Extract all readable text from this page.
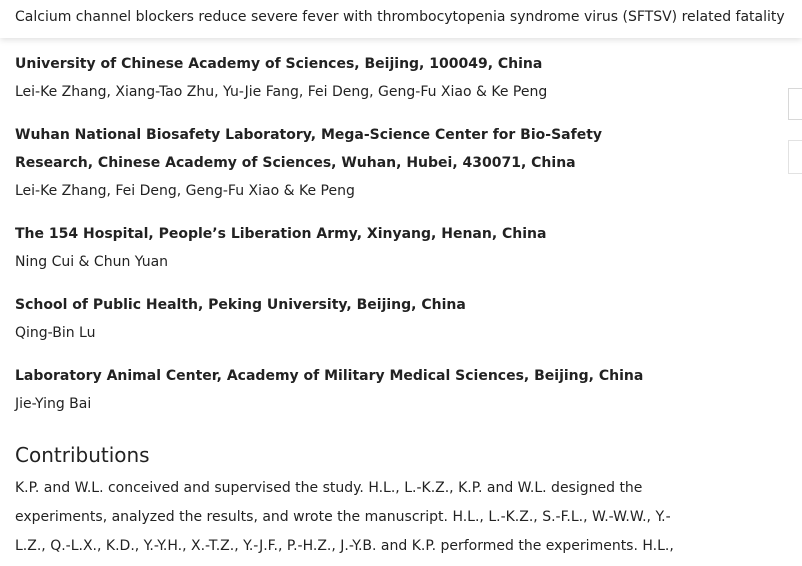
Calcium channel blockers reduce severe fever with thrombocytopenia syndrome virus (SFTSV) related fatality
University of Chinese Academy of Sciences, Beijing, 100049, China
Lei-Ke Zhang, Xiang-Tao Zhu, Yu-Jie Fang, Fei Deng, Geng-Fu Xiao & Ke Peng
Wuhan National Biosafety Laboratory, Mega-Science Center for Bio-Safety Research, Chinese Academy of Sciences, Wuhan, Hubei, 430071, China
Lei-Ke Zhang, Fei Deng, Geng-Fu Xiao & Ke Peng
The 154 Hospital, People’s Liberation Army, Xinyang, Henan, China
Ning Cui & Chun Yuan
School of Public Health, Peking University, Beijing, China
Qing-Bin Lu
Laboratory Animal Center, Academy of Military Medical Sciences, Beijing, China
Jie-Ying Bai
Contributions

K.P. and W.L. conceived and supervised the study. H.L., L.-K.Z., K.P. and W.L. designed the experiments, analyzed the results, and wrote the manuscript. H.L., L.-K.Z., S.-F.L., W.-W.W., Y.-L.Z., Q.-L.X., K.D., Y.-Y.H., X.-T.Z., Y.-J.F., P.-H.Z., J.-Y.B. and K.P. performed the experiments. H.L.,
